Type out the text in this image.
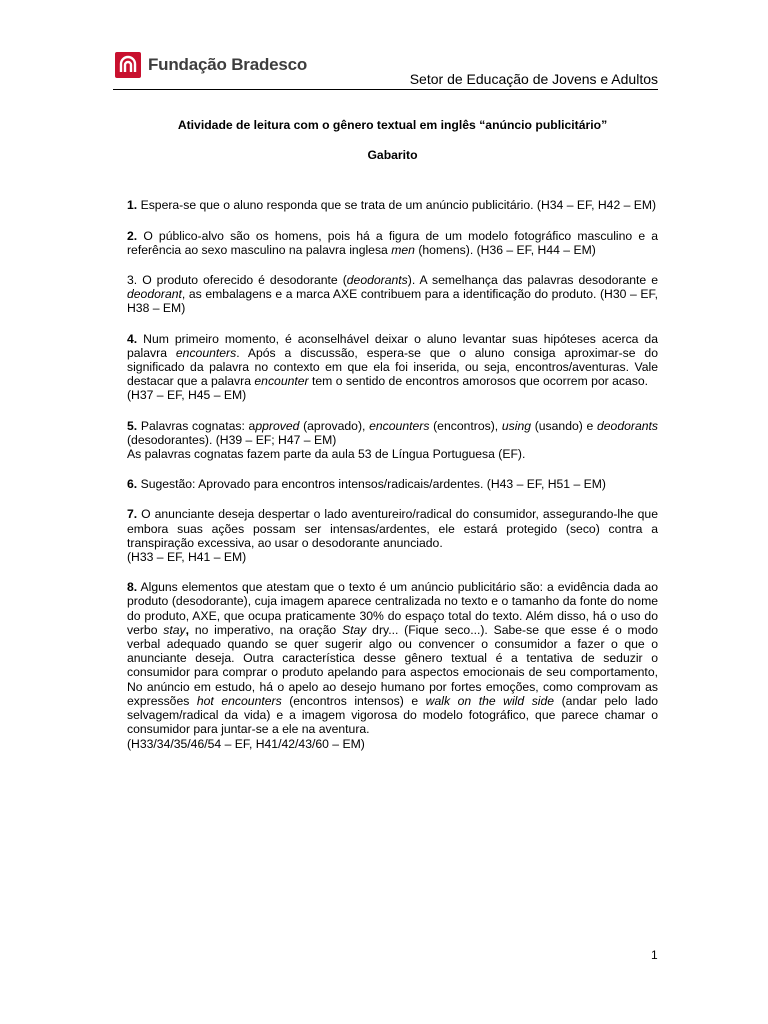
Fundação Bradesco
Setor de Educação de Jovens e Adultos

Atividade de leitura com o gênero textual em inglês “anúncio publicitário”

Gabarito

1. Espera-se que o aluno responda que se trata de um anúncio publicitário. (H34 – EF, H42 – EM)

2. O público-alvo são os homens, pois há a figura de um modelo fotográfico masculino e a referência ao sexo masculino na palavra inglesa men (homens). (H36 – EF, H44 – EM)

3. O produto oferecido é desodorante (deodorants). A semelhança das palavras desodorante e deodorant, as embalagens e a marca AXE contribuem para a identificação do produto. (H30 – EF, H38 – EM)

4. Num primeiro momento, é aconselhável deixar o aluno levantar suas hipóteses acerca da palavra encounters. Após a discussão, espera-se que o aluno consiga aproximar-se do significado da palavra no contexto em que ela foi inserida, ou seja, encontros/aventuras. Vale destacar que a palavra encounter tem o sentido de encontros amorosos que ocorrem por acaso.
(H37 – EF, H45 – EM)

5. Palavras cognatas: approved (aprovado), encounters (encontros), using (usando) e deodorants (desodorantes). (H39 – EF; H47 – EM)
As palavras cognatas fazem parte da aula 53 de Língua Portuguesa (EF).

6. Sugestão: Aprovado para encontros intensos/radicais/ardentes. (H43 – EF, H51 – EM)

7. O anunciante deseja despertar o lado aventureiro/radical do consumidor, assegurando-lhe que embora suas ações possam ser intensas/ardentes, ele estará protegido (seco) contra a transpiração excessiva, ao usar o desodorante anunciado.
(H33 – EF, H41 – EM)

8. Alguns elementos que atestam que o texto é um anúncio publicitário são: a evidência dada ao produto (desodorante), cuja imagem aparece centralizada no texto e o tamanho da fonte do nome do produto, AXE, que ocupa praticamente 30% do espaço total do texto. Além disso, há o uso do verbo stay, no imperativo, na oração Stay dry... (Fique seco...). Sabe-se que esse é o modo verbal adequado quando se quer sugerir algo ou convencer o consumidor a fazer o que o anunciante deseja. Outra característica desse gênero textual é a tentativa de seduzir o consumidor para comprar o produto apelando para aspectos emocionais de seu comportamento, No anúncio em estudo, há o apelo ao desejo humano por fortes emoções, como comprovam as expressões hot encounters (encontros intensos) e walk on the wild side (andar pelo lado selvagem/radical da vida) e a imagem vigorosa do modelo fotográfico, que parece chamar o consumidor para juntar-se a ele na aventura.
(H33/34/35/46/54 – EF, H41/42/43/60 – EM)

1
